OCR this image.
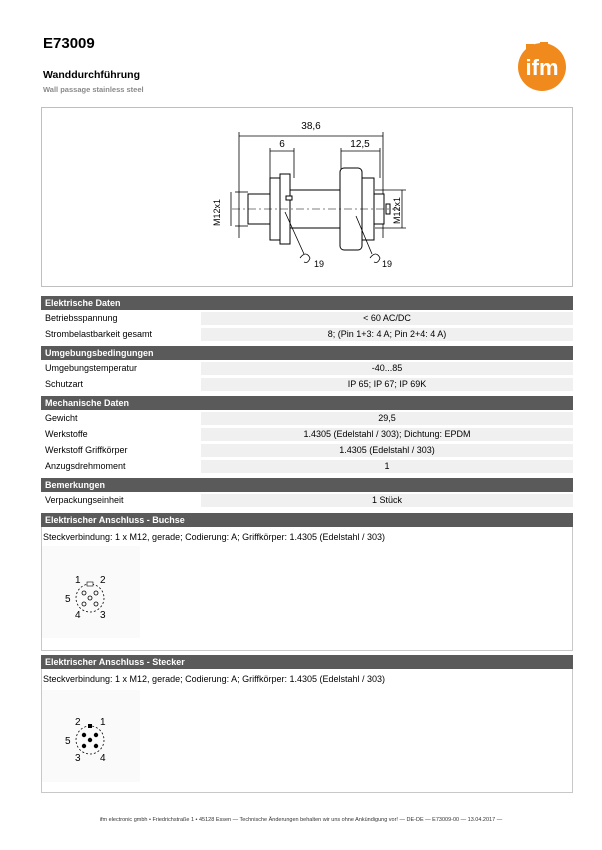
E73009
Wanddurchführung
Wall passage stainless steel
ifm
38,6
6	12,5
M12x1	M12x1
19	19
Elektrische Daten
Betriebsspannung	< 60 AC/DC
Strombelastbarkeit gesamt	8; (Pin 1+3: 4 A; Pin 2+4: 4 A)
Umgebungsbedingungen
Umgebungstemperatur	-40...85
Schutzart	IP 65; IP 67; IP 69K
Mechanische Daten
Gewicht	29,5
Werkstoffe	1.4305 (Edelstahl / 303); Dichtung: EPDM
Werkstoff Griffkörper	1.4305 (Edelstahl / 303)
Anzugsdrehmoment	1
Bemerkungen
Verpackungseinheit	1 Stück
Elektrischer Anschluss - Buchse
Steckverbindung: 1 x M12, gerade; Codierung: A; Griffkörper: 1.4305 (Edelstahl / 303)
1 2
5
4 3
Elektrischer Anschluss - Stecker
Steckverbindung: 1 x M12, gerade; Codierung: A; Griffkörper: 1.4305 (Edelstahl / 303)
2 1
5
3 4
ifm electronic gmbh • Friedrichstraße 1 • 45128 Essen — Technische Änderungen behalten wir uns ohne Ankündigung vor! — DE-DE — E73009-00 — 13.04.2017 —
